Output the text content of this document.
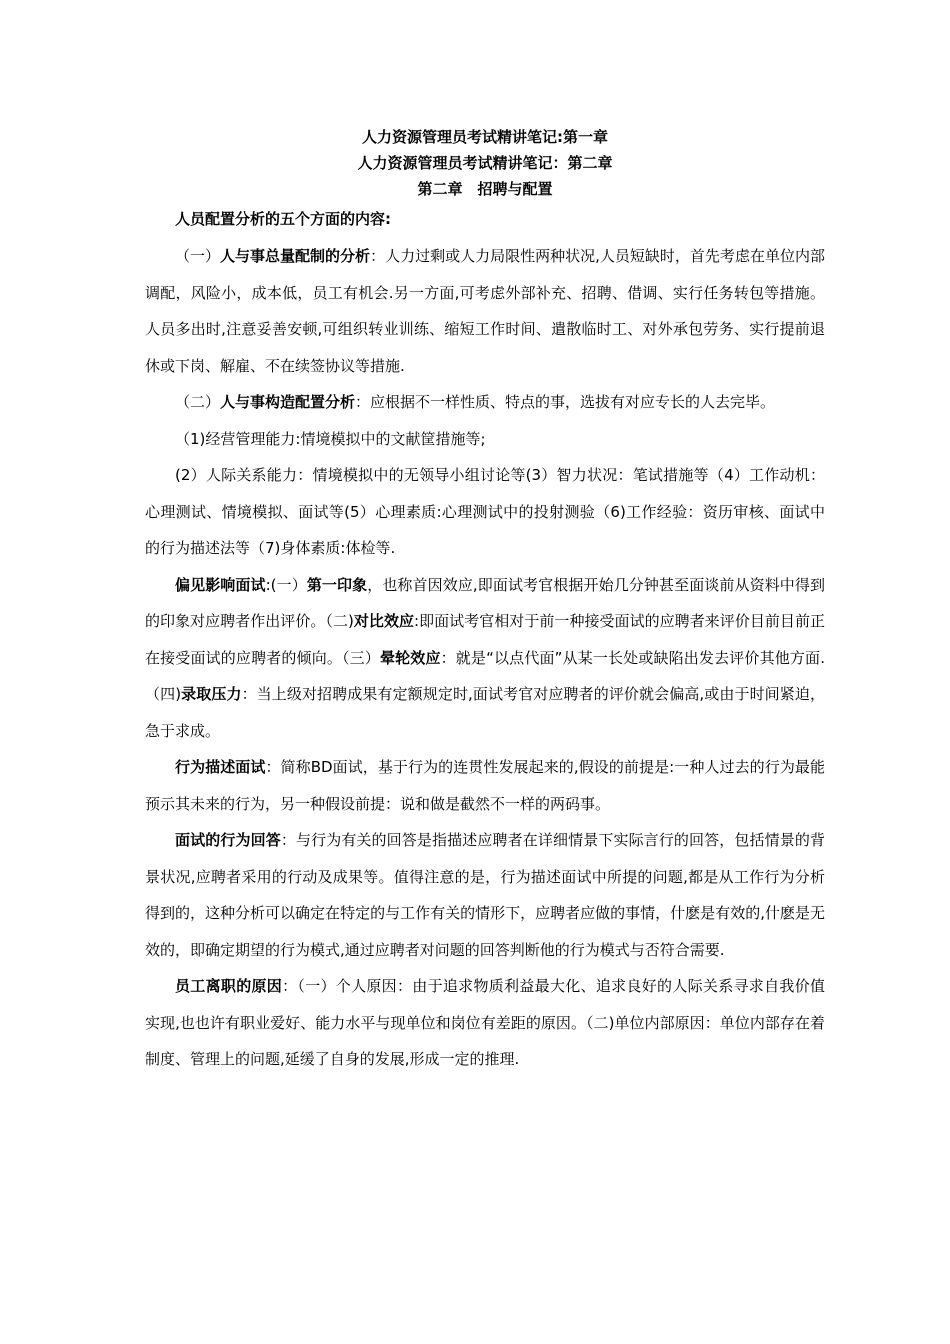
人力资源管理员考试精讲笔记:第一章

人力资源管理员考试精讲笔记：第二章

第二章　招聘与配置

人员配置分析的五个方面的内容:

（一）人与事总量配制的分析：人力过剩或人力局限性两种状况,人员短缺时，首先考虑在单位内部调配，风险小，成本低，员工有机会.另一方面,可考虑外部补充、招聘、借调、实行任务转包等措施。人员多出时,注意妥善安顿,可组织转业训练、缩短工作时间、遣散临时工、对外承包劳务、实行提前退休或下岗、解雇、不在续签协议等措施.

（二）人与事构造配置分析：应根据不一样性质、特点的事，选拔有对应专长的人去完毕。

（1)经营管理能力:情境模拟中的文献筐措施等;

(2）人际关系能力：情境模拟中的无领导小组讨论等(3）智力状况：笔试措施等（4）工作动机：心理测试、情境模拟、面试等(5）心理素质:心理测试中的投射测验（6)工作经验：资历审核、面试中的行为描述法等（7)身体素质:体检等.

偏见影响面试:(一）第一印象，也称首因效应,即面试考官根据开始几分钟甚至面谈前从资料中得到的印象对应聘者作出评价。（二)对比效应:即面试考官相对于前一种接受面试的应聘者来评价目前目前正在接受面试的应聘者的倾向。（三）晕轮效应：就是“以点代面”从某一长处或缺陷出发去评价其他方面.（四)录取压力：当上级对招聘成果有定额规定时,面试考官对应聘者的评价就会偏高,或由于时间紧迫，急于求成。

行为描述面试：简称BD面试，基于行为的连贯性发展起来的,假设的前提是:一种人过去的行为最能预示其未来的行为，另一种假设前提：说和做是截然不一样的两码事。

面试的行为回答：与行为有关的回答是指描述应聘者在详细情景下实际言行的回答，包括情景的背景状况,应聘者采用的行动及成果等。值得注意的是，行为描述面试中所提的问题,都是从工作行为分析得到的，这种分析可以确定在特定的与工作有关的情形下，应聘者应做的事情，什麽是有效的,什麽是无效的，即确定期望的行为模式,通过应聘者对问题的回答判断他的行为模式与否符合需要.

员工离职的原因：（一）个人原因：由于追求物质利益最大化、追求良好的人际关系寻求自我价值实现,也也许有职业爱好、能力水平与现单位和岗位有差距的原因。（二)单位内部原因：单位内部存在着制度、管理上的问题,延缓了自身的发展,形成一定的推理.
